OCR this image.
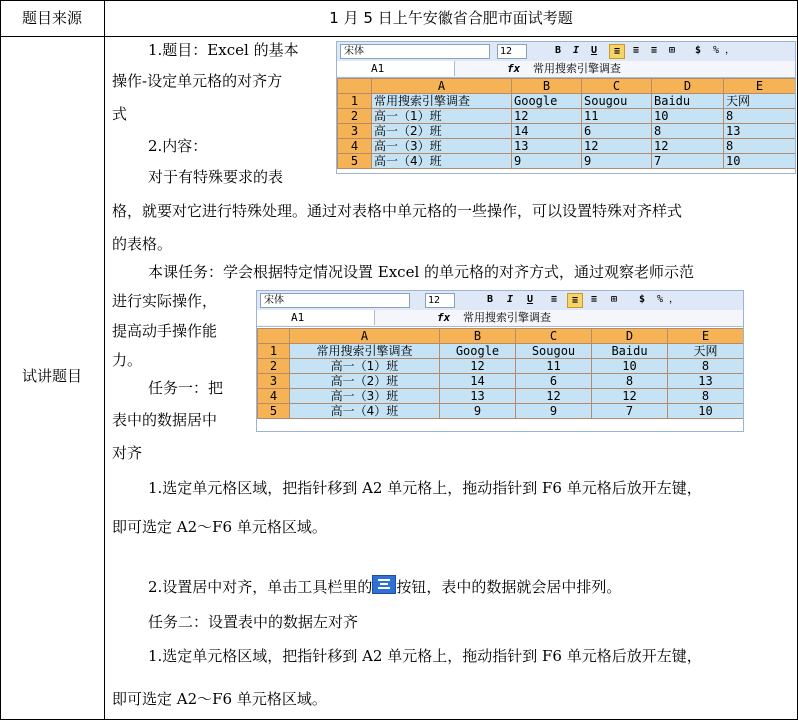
题目来源	1 月 5 日上午安徽省合肥市面试考题
试讲题目
1.题目：Excel 的基本
操作-设定单元格的对齐方
式
2.内容：
对于有特殊要求的表
格，就要对它进行特殊处理。通过对表格中单元格的一些操作，可以设置特殊对齐样式
的表格。
本课任务：学会根据特定情况设置 Excel 的单元格的对齐方式，通过观察老师示范
进行实际操作，
提高动手操作能
力。
任务一：把
表中的数据居中
对齐
1.选定单元格区域，把指针移到 A2 单元格上，拖动指针到 F6 单元格后放开左键，
即可选定 A2～F6 单元格区域。
2.设置居中对齐，单击工具栏里的 按钮，表中的数据就会居中排列。
任务二：设置表中的数据左对齐
1.选定单元格区域，把指针移到 A2 单元格上，拖动指针到 F6 单元格后放开左键，
即可选定 A2～F6 单元格区域。
宋体	12	B	I	U	≡	≡	≡	⊞	$	% ，
A1	fx 常用搜索引擎调查
	A	B	C	D	E
1	常用搜索引擎调查	Google	Sougou	Baidu	天网
2	高一（1）班	12	11	10	8
3	高一（2）班	14	6	8	13
4	高一（3）班	13	12	12	8
5	高一（4）班	9	9	7	10
宋体	12	B	I	U	≡	≡	≡	⊞	$	% ，
A1	fx 常用搜索引擎调查
	A	B	C	D	E
1	常用搜索引擎调查	Google	Sougou	Baidu	天网
2	高一（1）班	12	11	10	8
3	高一（2）班	14	6	8	13
4	高一（3）班	13	12	12	8
5	高一（4）班	9	9	7	10
